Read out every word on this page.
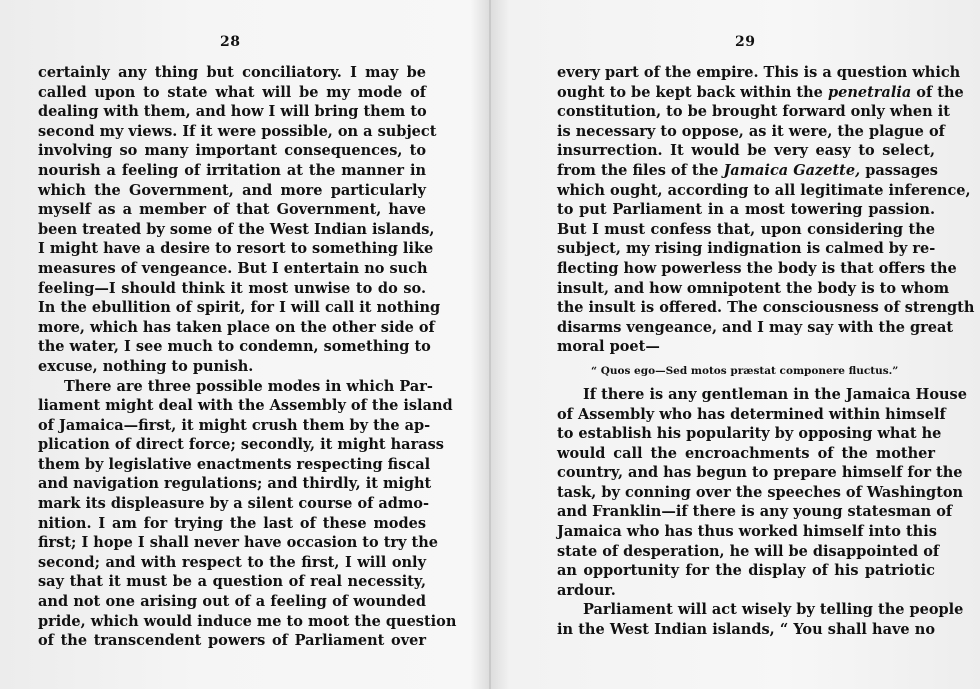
28
certainly any thing but conciliatory. I may be
called upon to state what will be my mode of
dealing with them, and how I will bring them to
second my views. If it were possible, on a subject
involving so many important consequences, to
nourish a feeling of irritation at the manner in
which the Government, and more particularly
myself as a member of that Government, have
been treated by some of the West Indian islands,
I might have a desire to resort to something like
measures of vengeance. But I entertain no such
feeling—I should think it most unwise to do so.
In the ebullition of spirit, for I will call it nothing
more, which has taken place on the other side of
the water, I see much to condemn, something to
excuse, nothing to punish.
There are three possible modes in which Par-
liament might deal with the Assembly of the island
of Jamaica—first, it might crush them by the ap-
plication of direct force; secondly, it might harass
them by legislative enactments respecting fiscal
and navigation regulations; and thirdly, it might
mark its displeasure by a silent course of admo-
nition. I am for trying the last of these modes
first; I hope I shall never have occasion to try the
second; and with respect to the first, I will only
say that it must be a question of real necessity,
and not one arising out of a feeling of wounded
pride, which would induce me to moot the question
of the transcendent powers of Parliament over
29
every part of the empire. This is a question which
ought to be kept back within the penetralia of the
constitution, to be brought forward only when it
is necessary to oppose, as it were, the plague of
insurrection. It would be very easy to select,
from the files of the Jamaica Gazette, passages
which ought, according to all legitimate inference,
to put Parliament in a most towering passion.
But I must confess that, upon considering the
subject, my rising indignation is calmed by re-
flecting how powerless the body is that offers the
insult, and how omnipotent the body is to whom
the insult is offered. The consciousness of strength
disarms vengeance, and I may say with the great
moral poet—
“ Quos ego—Sed motos præstat componere fluctus.”
If there is any gentleman in the Jamaica House
of Assembly who has determined within himself
to establish his popularity by opposing what he
would call the encroachments of the mother
country, and has begun to prepare himself for the
task, by conning over the speeches of Washington
and Franklin—if there is any young statesman of
Jamaica who has thus worked himself into this
state of desperation, he will be disappointed of
an opportunity for the display of his patriotic
ardour.
Parliament will act wisely by telling the people
in the West Indian islands, “ You shall have no
